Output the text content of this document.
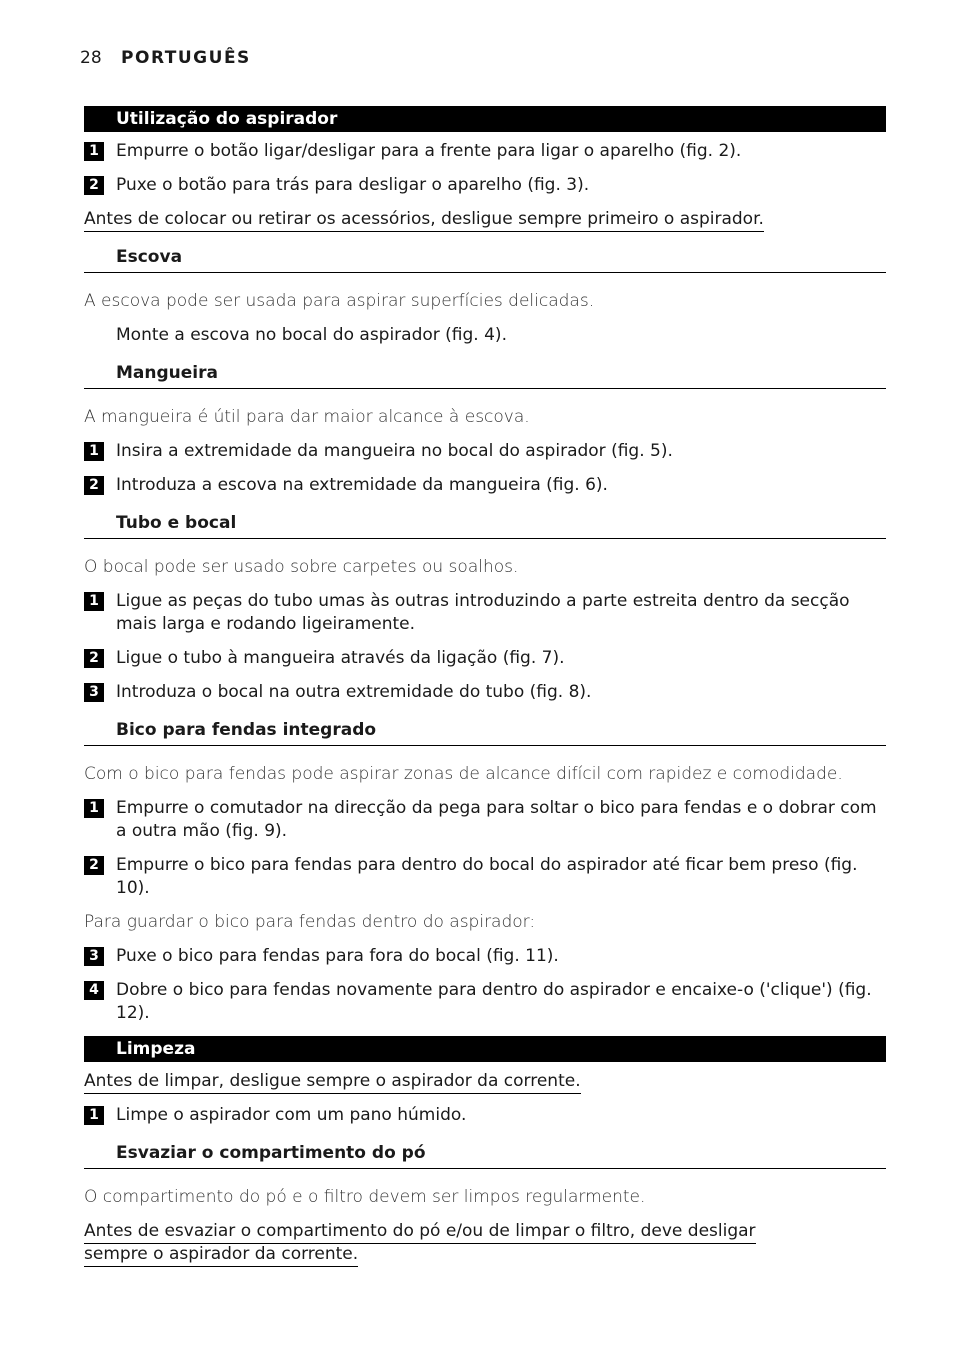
28 PORTUGUÊS
Utilização do aspirador
1	Empurre o botão ligar/desligar para a frente para ligar o aparelho (fig. 2).
2	Puxe o botão para trás para desligar o aparelho (fig. 3).
Antes de colocar ou retirar os acessórios, desligue sempre primeiro o aspirador.
Escova
A escova pode ser usada para aspirar superfícies delicadas.
Monte a escova no bocal do aspirador (fig. 4).
Mangueira
A mangueira é útil para dar maior alcance à escova.
1	Insira a extremidade da mangueira no bocal do aspirador (fig. 5).
2	Introduza a escova na extremidade da mangueira (fig. 6).
Tubo e bocal
O bocal pode ser usado sobre carpetes ou soalhos.
1	Ligue as peças do tubo umas às outras introduzindo a parte estreita dentro da secção mais larga e rodando ligeiramente.
2	Ligue o tubo à mangueira através da ligação (fig. 7).
3	Introduza o bocal na outra extremidade do tubo (fig. 8).
Bico para fendas integrado
Com o bico para fendas pode aspirar zonas de alcance difícil com rapidez e comodidade.
1	Empurre o comutador na direcção da pega para soltar o bico para fendas e o dobrar com a outra mão (fig. 9).
2	Empurre o bico para fendas para dentro do bocal do aspirador até ficar bem preso (fig. 10).
Para guardar o bico para fendas dentro do aspirador:
3	Puxe o bico para fendas para fora do bocal (fig. 11).
4	Dobre o bico para fendas novamente para dentro do aspirador e encaixe-o ('clique') (fig. 12).
Limpeza
Antes de limpar, desligue sempre o aspirador da corrente.
1	Limpe o aspirador com um pano húmido.
Esvaziar o compartimento do pó
O compartimento do pó e o filtro devem ser limpos regularmente.
Antes de esvaziar o compartimento do pó e/ou de limpar o filtro, deve desligar sempre o aspirador da corrente.
